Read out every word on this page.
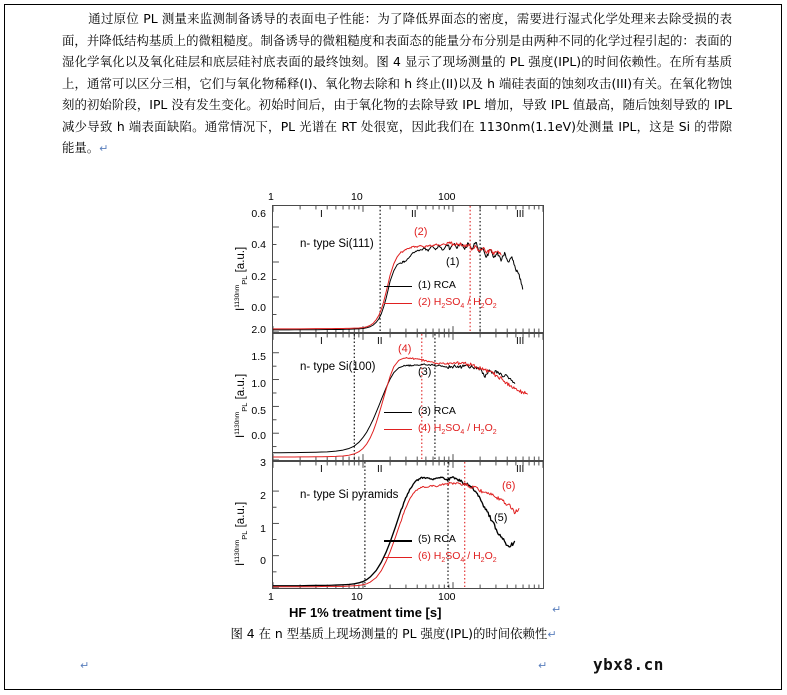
通过原位 PL 测量来监测制备诱导的表面电子性能：为了降低界面态的密度，需要进行湿式化学处理来去除受损的表面，并降低结构基质上的微粗糙度。制备诱导的微粗糙度和表面态的能量分布分别是由两种不同的化学过程引起的：表面的湿化学氧化以及氧化硅层和底层硅衬底表面的最终蚀刻。图 4 显示了现场测量的 PL 强度(IPL)的时间依赖性。在所有基质上，通常可以区分三相，它们与氧化物稀释(I)、氧化物去除和 h 终止(II)以及 h 端硅表面的蚀刻攻击(III)有关。在氧化物蚀刻的初始阶段，IPL 没有发生变化。初始时间后，由于氧化物的去除导致 IPL 增加，导致 IPL 值最高，随后蚀刻导致的 IPL 减少导致 h 端表面缺陷。通常情况下，PL 光谱在 RT 处很宽，因此我们在 1130nm(1.1eV)处测量 IPL，这是 Si 的带隙能量。↵

1	10	100
0.0
0.2
0.4
0.6
$I^{1130nm}_{PL}$ [a.u.]
I	II	III
n- type Si(111)
(2)
(1)
(1) RCA
(2) $H_2SO_4 / H_2O_2$
0.0
0.5
1.0
1.5
2.0
$I^{1130nm}_{PL}$ [a.u.]
I	II	III
n- type Si(100)
(4)
(3)
(3) RCA
(4) $H_2SO_4 / H_2O_2$
0
1
2
3
$I^{1130nm}_{PL}$ [a.u.]
I	II	III
n- type Si pyramids
(6)
(5)
(5) RCA
(6) $H_2SO_4 / H_2O_2$
1	10	100
HF 1% treatment time [s]	↵
图 4 在 n 型基质上现场测量的 PL 强度(IPL)的时间依赖性↵
↵	↵	ybx8.cn
